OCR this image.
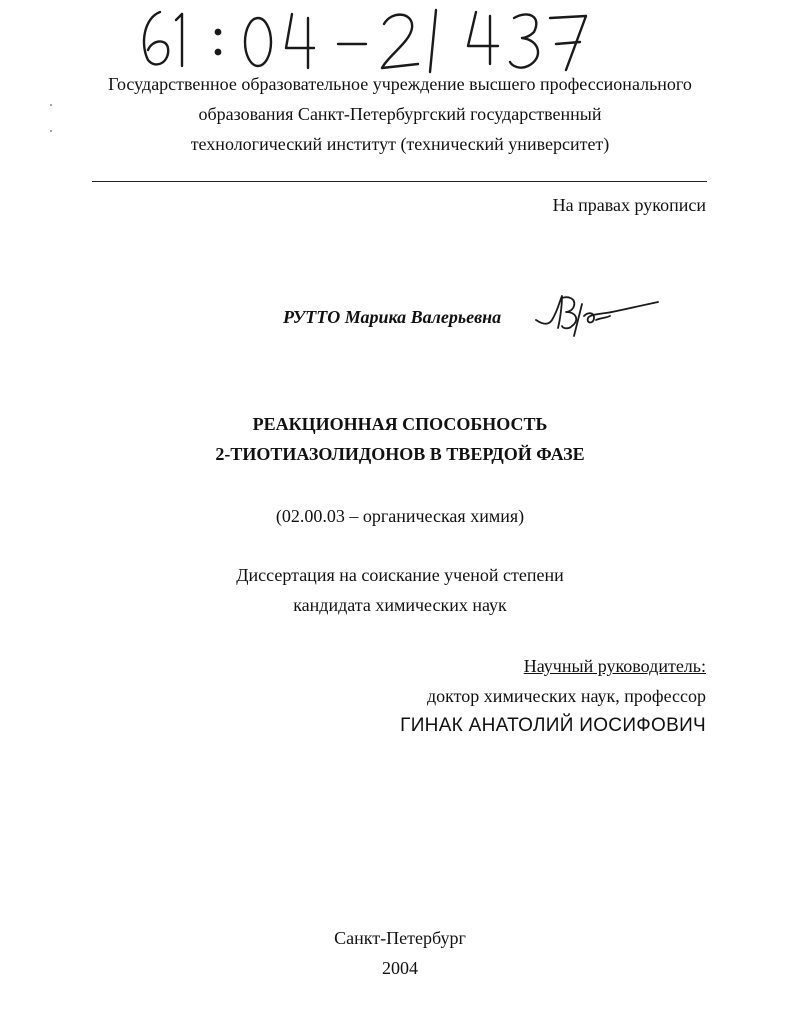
Государственное образовательное учреждение высшего профессионального
образования Санкт-Петербургский государственный
технологический институт (технический университет)
На правах рукописи
РУТТО Марика Валерьевна
РЕАКЦИОННАЯ СПОСОБНОСТЬ
2-ТИОТИАЗОЛИДОНОВ В ТВЕРДОЙ ФАЗЕ
(02.00.03 – органическая химия)
Диссертация на соискание ученой степени
кандидата химических наук
Научный руководитель:
доктор химических наук, профессор
ГИНАК АНАТОЛИЙ ИОСИФОВИЧ
Санкт-Петербург
2004
